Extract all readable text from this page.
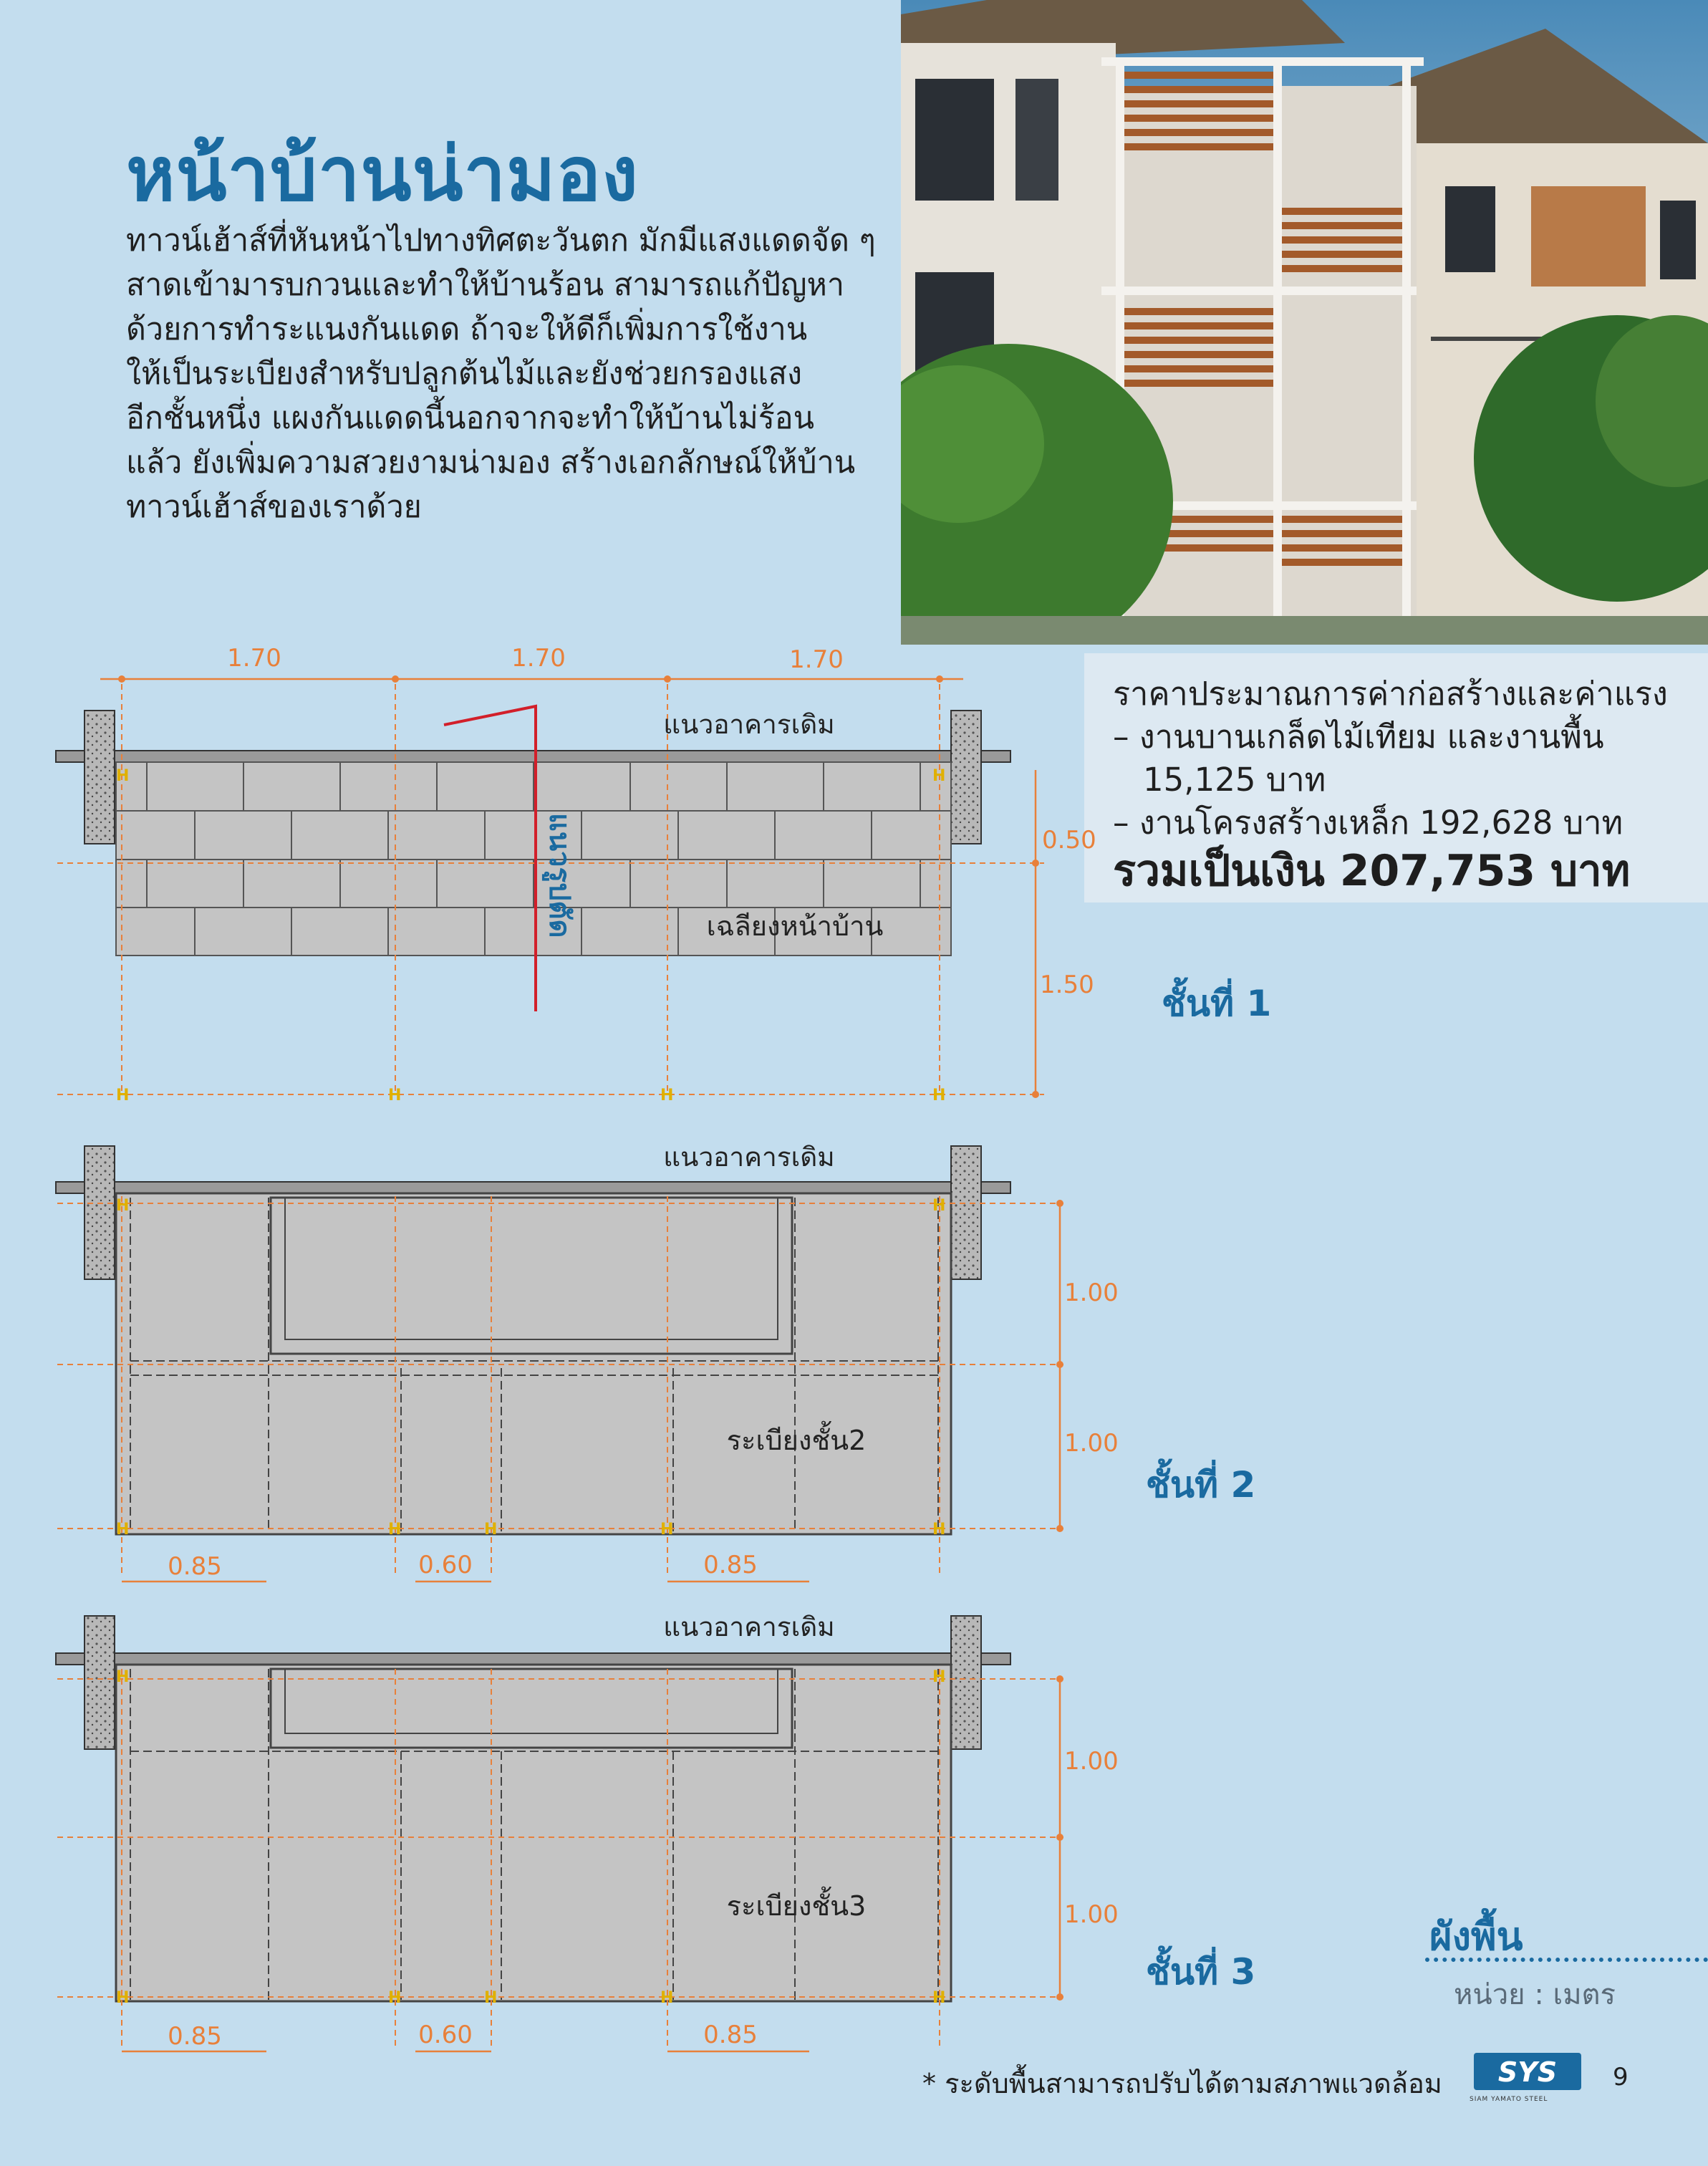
หน้าบ้านน่ามอง
ทาวน์เฮ้าส์ที่หันหน้าไปทางทิศตะวันตก มักมีแสงแดดจัด ๆ
สาดเข้ามารบกวนและทำให้บ้านร้อน สามารถแก้ปัญหา
ด้วยการทำระแนงกันแดด ถ้าจะให้ดีก็เพิ่มการใช้งาน
ให้เป็นระเบียงสำหรับปลูกต้นไม้และยังช่วยกรองแสง
อีกชั้นหนึ่ง แผงกันแดดนี้นอกจากจะทำให้บ้านไม่ร้อน
แล้ว ยังเพิ่มความสวยงามน่ามอง สร้างเอกลักษณ์ให้บ้าน
ทาวน์เฮ้าส์ของเราด้วย
ราคาประมาณการค่าก่อสร้างและค่าแรง
– งานบานเกล็ดไม้เทียม และงานพื้น
15,125 บาท
– งานโครงสร้างเหล็ก 192,628 บาท
รวมเป็นเงิน 207,753 บาท
1.70	1.70	1.70
H	H
H	H	H	H
0.50
1.50
แนวรูปตัด
แนวอาคารเดิม
เฉลียงหน้าบ้าน
H	H
H	H	H	H	H
1.00
1.00
0.85	0.60	0.85
แนวอาคารเดิม
ระเบียงชั้น2
H	H
H	H	H	H	H
1.00
1.00
0.85	0.60	0.85
แนวอาคารเดิม
ระเบียงชั้น3
ชั้นที่ 1
ชั้นที่ 2
ชั้นที่ 3
ผังพื้น
หน่วย : เมตร
* ระดับพื้นสามารถปรับได้ตามสภาพแวดล้อม SYS
SIAM YAMATO STEEL
9
